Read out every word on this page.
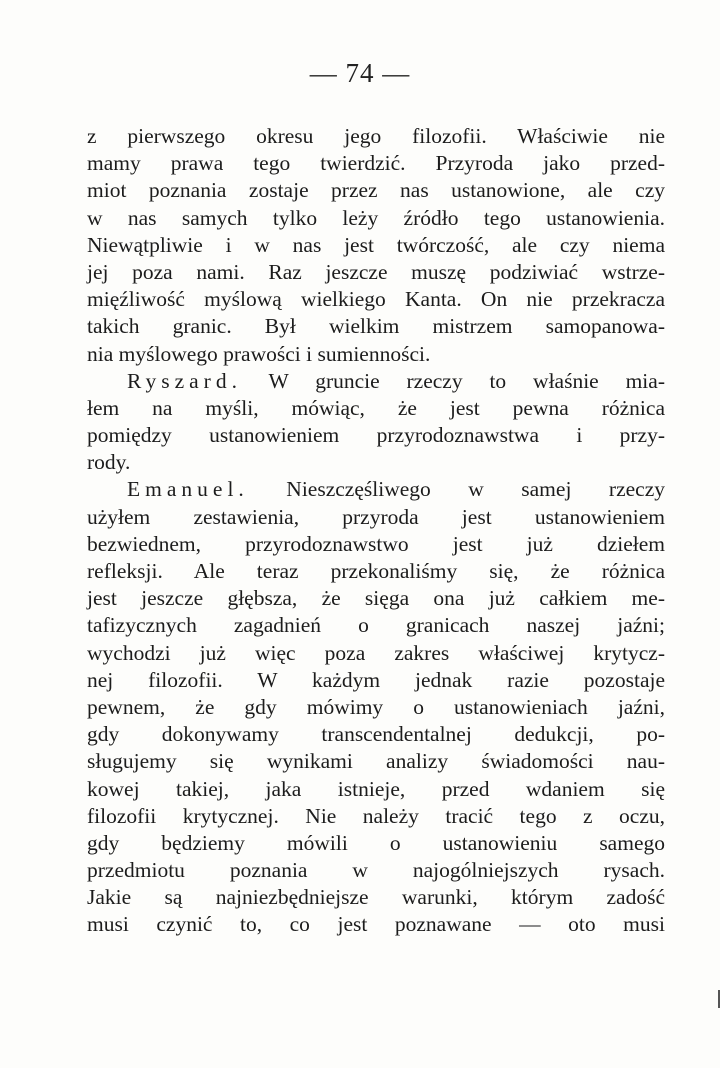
— 74 —
z pierwszego okresu jego filozofii. Właściwie nie
mamy prawa tego twierdzić. Przyroda jako przed-
miot poznania zostaje przez nas ustanowione, ale czy
w nas samych tylko leży źródło tego ustanowienia.
Niewątpliwie i w nas jest twórczość, ale czy niema
jej poza nami. Raz jeszcze muszę podziwiać wstrze-
mięźliwość myślową wielkiego Kanta. On nie przekracza
takich granic. Był wielkim mistrzem samopanowa-
nia myślowego prawości i sumienności.
Ryszard. W gruncie rzeczy to właśnie mia-
łem na myśli, mówiąc, że jest pewna różnica
pomiędzy ustanowieniem przyrodoznawstwa i przy-
rody.
Emanuel. Nieszczęśliwego w samej rzeczy
użyłem zestawienia, przyroda jest ustanowieniem
bezwiednem, przyrodoznawstwo jest już dziełem
refleksji. Ale teraz przekonaliśmy się, że różnica
jest jeszcze głębsza, że sięga ona już całkiem me-
tafizycznych zagadnień o granicach naszej jaźni;
wychodzi już więc poza zakres właściwej krytycz-
nej filozofii. W każdym jednak razie pozostaje
pewnem, że gdy mówimy o ustanowieniach jaźni,
gdy dokonywamy transcendentalnej dedukcji, po-
sługujemy się wynikami analizy świadomości nau-
kowej takiej, jaka istnieje, przed wdaniem się
filozofii krytycznej. Nie należy tracić tego z oczu,
gdy będziemy mówili o ustanowieniu samego
przedmiotu poznania w najogólniejszych rysach.
Jakie są najniezbędniejsze warunki, którym zadość
musi czynić to, co jest poznawane — oto musi
